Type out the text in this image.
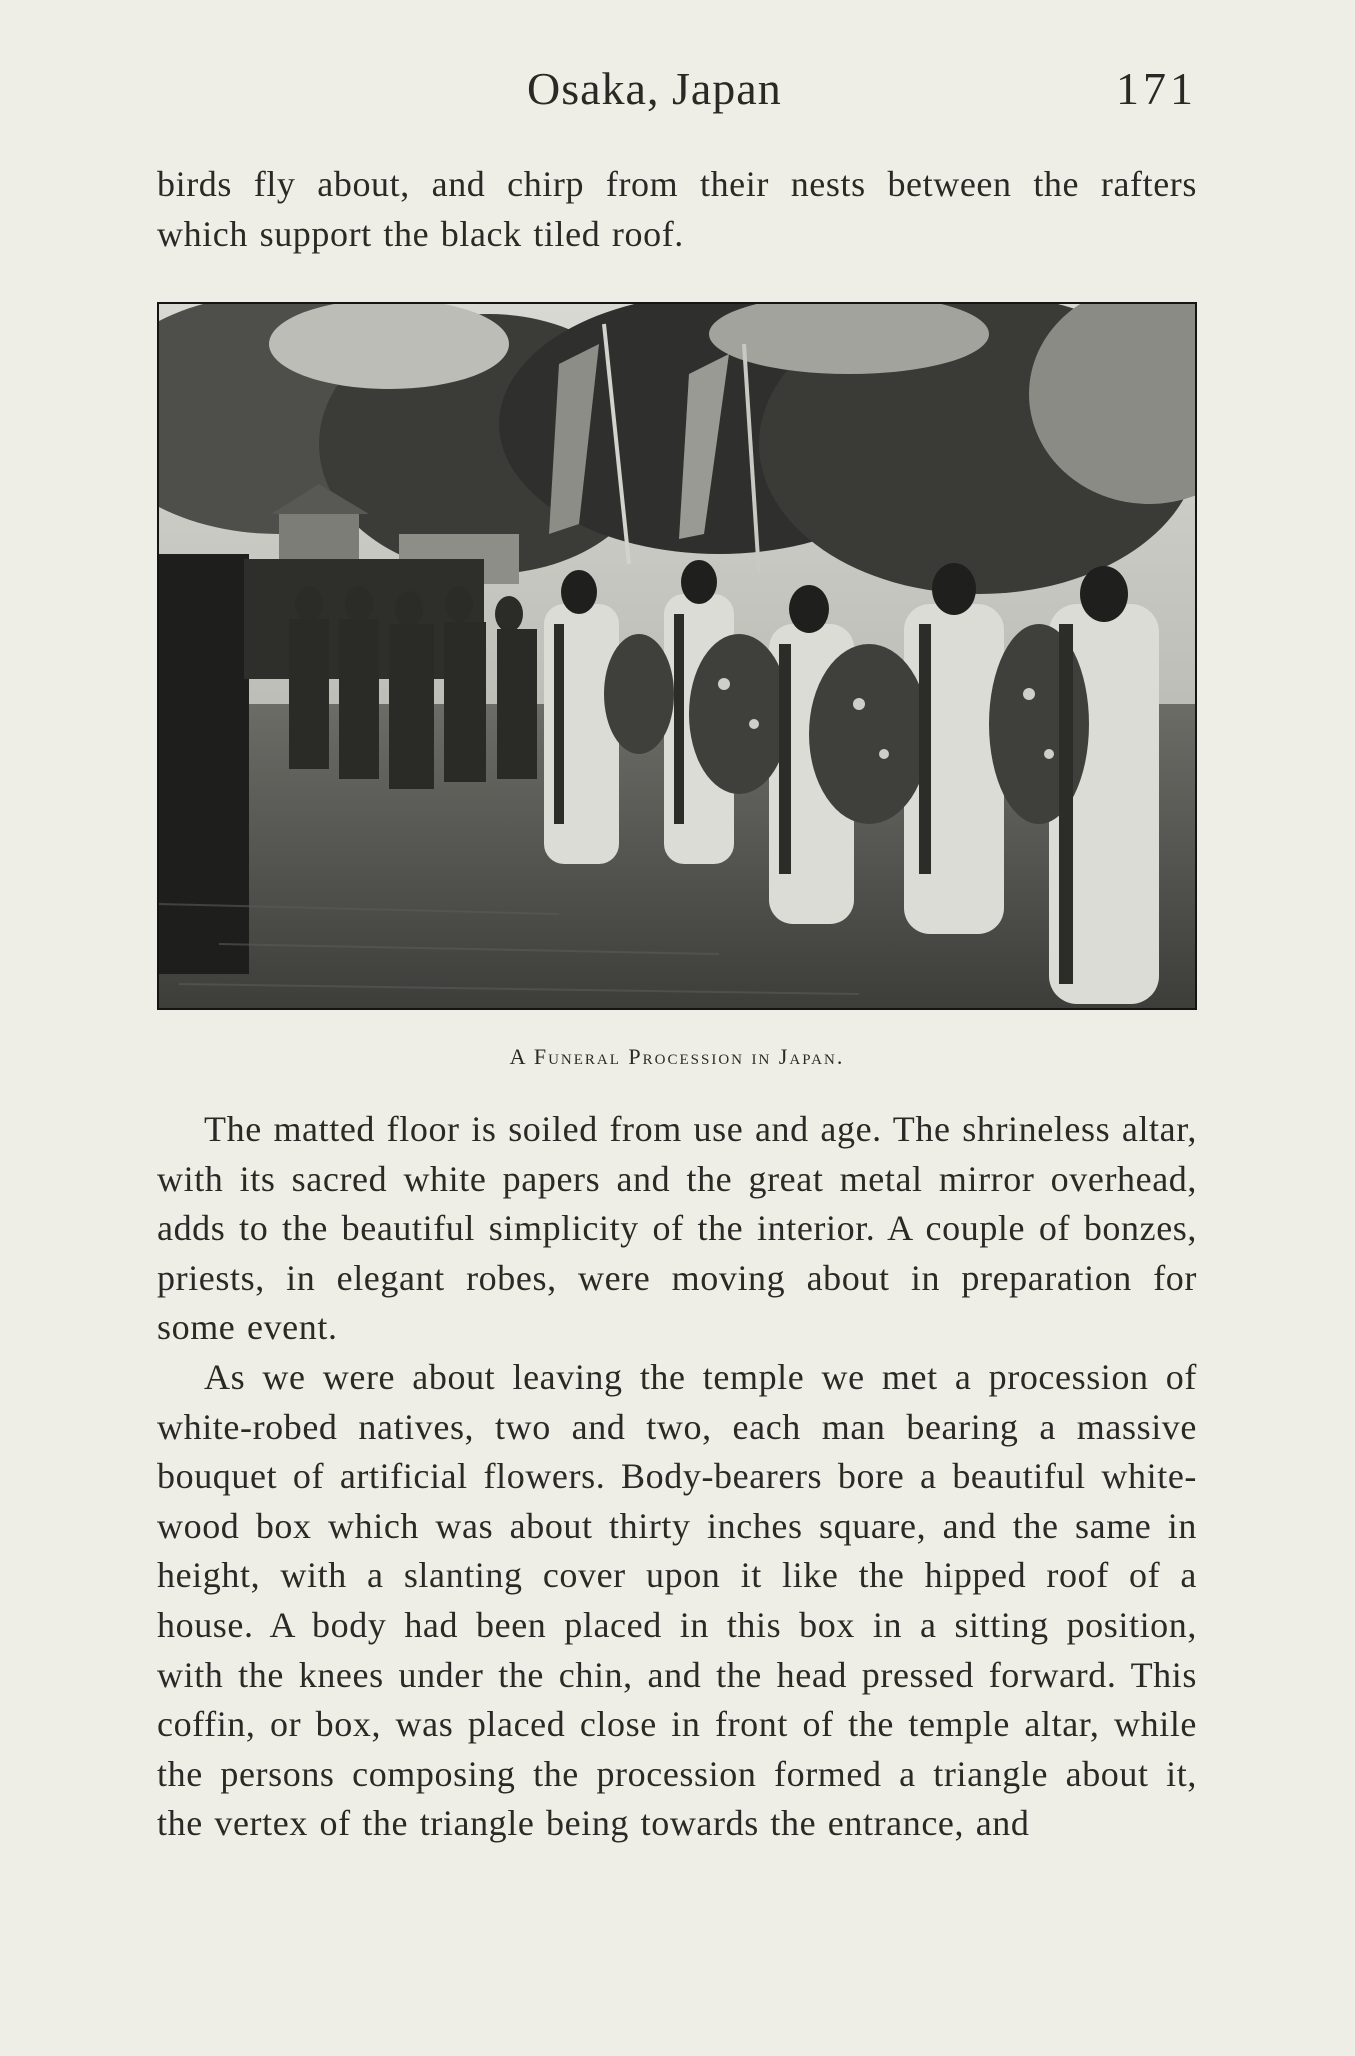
Osaka, Japan	171

birds fly about, and chirp from their nests between the rafters which support the black tiled roof.

A Funeral Procession in Japan.

The matted floor is soiled from use and age. The shrineless altar, with its sacred white papers and the great metal mirror overhead, adds to the beautiful simplicity of the interior. A couple of bonzes, priests, in elegant robes, were moving about in preparation for some event.

As we were about leaving the temple we met a procession of white-robed natives, two and two, each man bearing a massive bouquet of artificial flowers. Body-bearers bore a beautiful white-wood box which was about thirty inches square, and the same in height, with a slanting cover upon it like the hipped roof of a house. A body had been placed in this box in a sitting position, with the knees under the chin, and the head pressed forward. This coffin, or box, was placed close in front of the temple altar, while the persons composing the procession formed a triangle about it, the vertex of the triangle being towards the entrance, and
